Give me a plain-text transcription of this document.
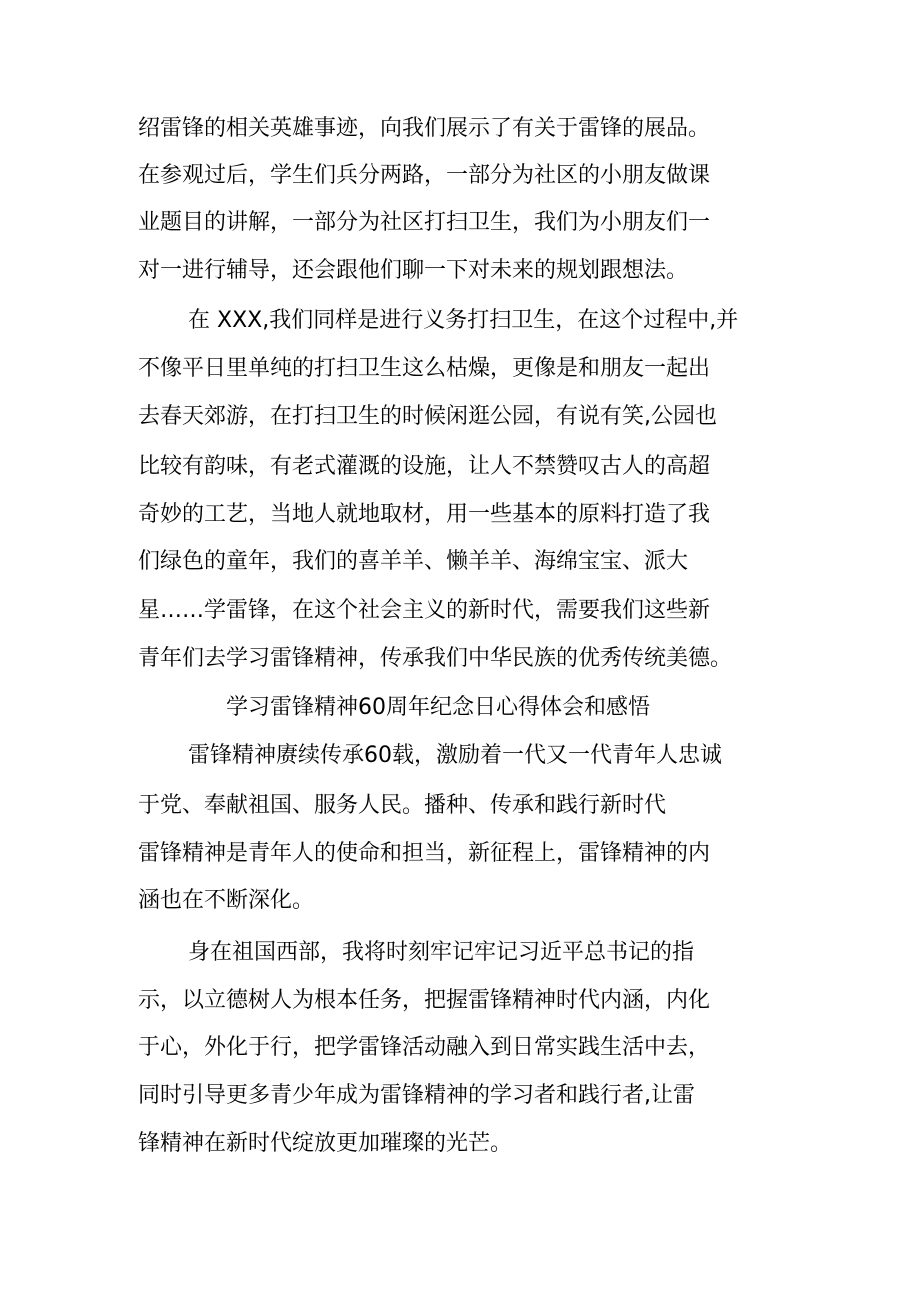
绍雷锋的相关英雄事迹，向我们展示了有关于雷锋的展品。
在参观过后，学生们兵分两路，一部分为社区的小朋友做课
业题目的讲解，一部分为社区打扫卫生，我们为小朋友们一
对一进行辅导，还会跟他们聊一下对未来的规划跟想法。
在 XXX,我们同样是进行义务打扫卫生，在这个过程中,并
不像平日里单纯的打扫卫生这么枯燥，更像是和朋友一起出
去春天郊游，在打扫卫生的时候闲逛公园，有说有笑,公园也
比较有韵味，有老式灌溉的设施，让人不禁赞叹古人的高超
奇妙的工艺，当地人就地取材，用一些基本的原料打造了我
们绿色的童年，我们的喜羊羊、懒羊羊、海绵宝宝、派大
星……学雷锋，在这个社会主义的新时代，需要我们这些新
青年们去学习雷锋精神，传承我们中华民族的优秀传统美德。
学习雷锋精神60周年纪念日心得体会和感悟
雷锋精神赓续传承60载，激励着一代又一代青年人忠诚
于党、奉献祖国、服务人民。播种、传承和践行新时代
雷锋精神是青年人的使命和担当，新征程上，雷锋精神的内
涵也在不断深化。
身在祖国西部，我将时刻牢记牢记习近平总书记的指
示，以立德树人为根本任务，把握雷锋精神时代内涵，内化
于心，外化于行，把学雷锋活动融入到日常实践生活中去，
同时引导更多青少年成为雷锋精神的学习者和践行者,让雷
锋精神在新时代绽放更加璀璨的光芒。
